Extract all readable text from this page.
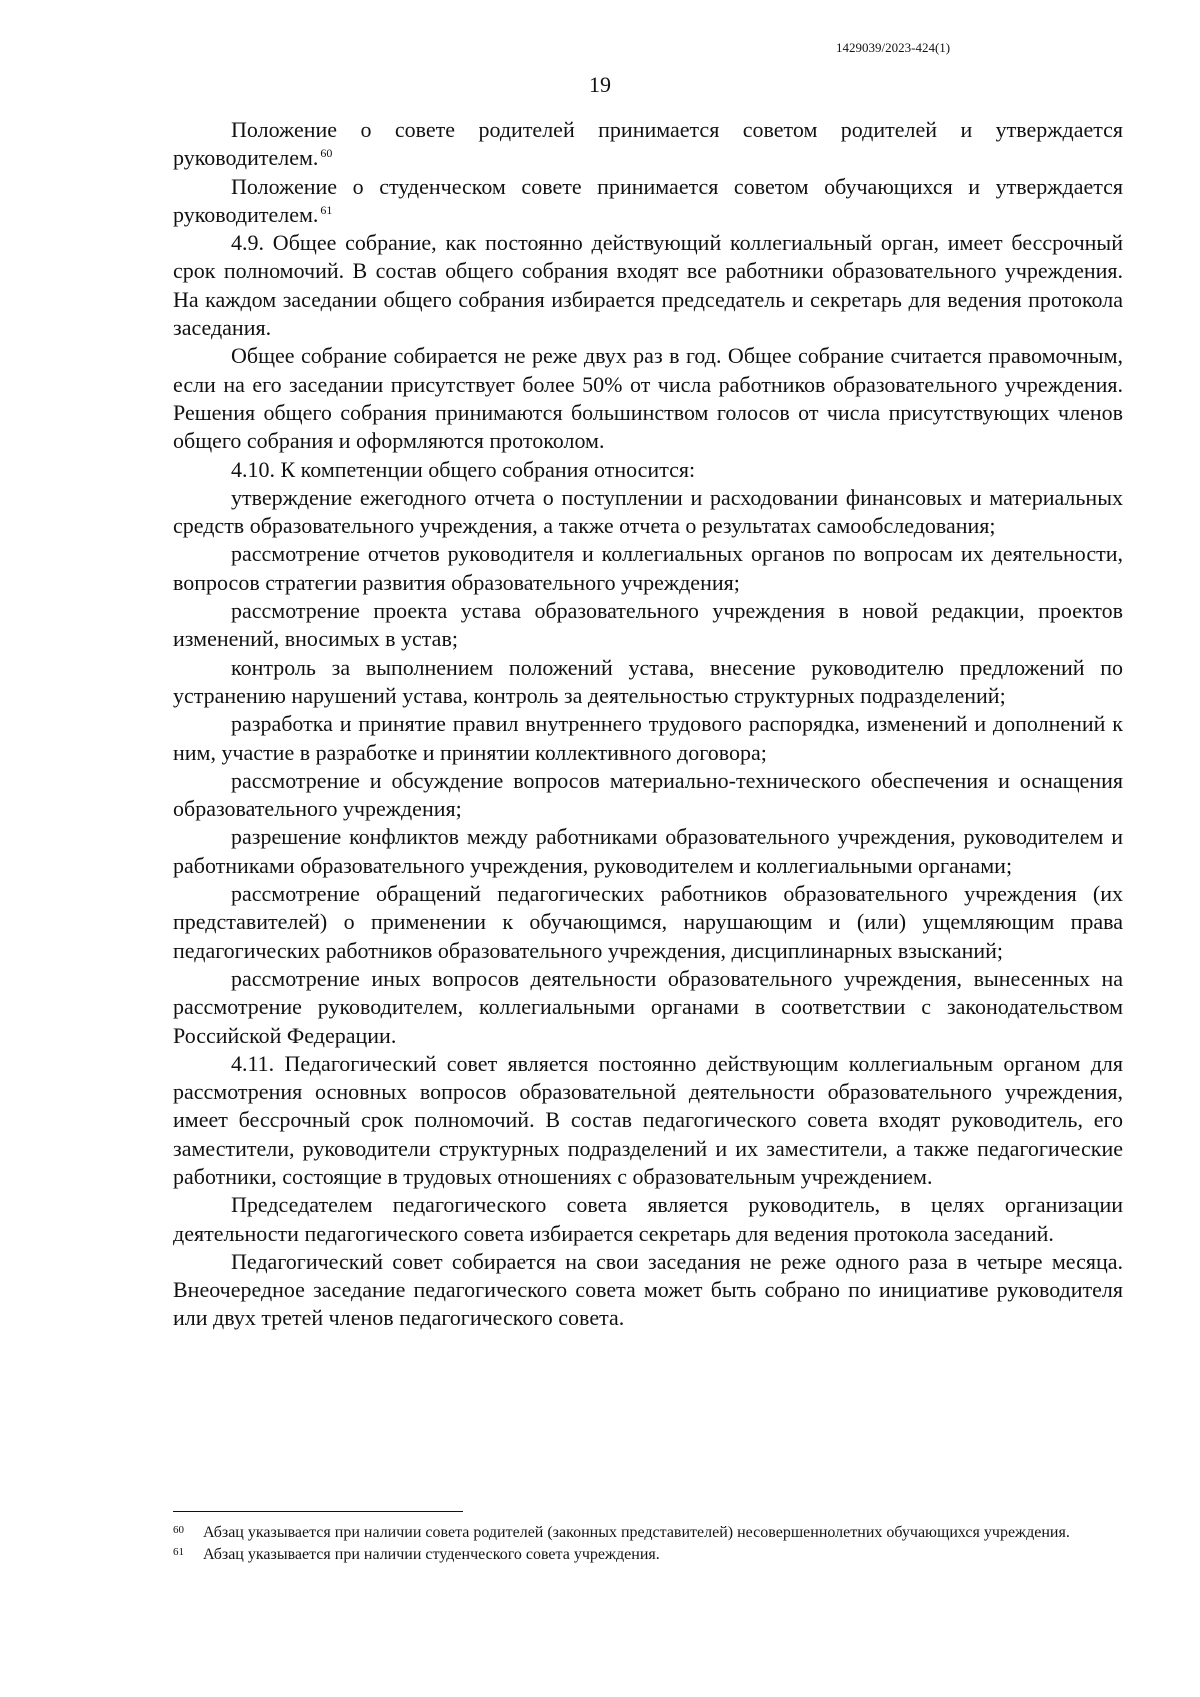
1429039/2023-424(1)
19

Положение о совете родителей принимается советом родителей и утверждается руководителем. $^{60}$

Положение о студенческом совете принимается советом обучающихся и утверждается руководителем. $^{61}$

4.9. Общее собрание, как постоянно действующий коллегиальный орган, имеет бессрочный срок полномочий. В состав общего собрания входят все работники образовательного учреждения. На каждом заседании общего собрания избирается председатель и секретарь для ведения протокола заседания.

Общее собрание собирается не реже двух раз в год. Общее собрание считается правомочным, если на его заседании присутствует более 50% от числа работников образовательного учреждения. Решения общего собрания принимаются большинством голосов от числа присутствующих членов общего собрания и оформляются протоколом.

4.10. К компетенции общего собрания относится:

утверждение ежегодного отчета о поступлении и расходовании финансовых и материальных средств образовательного учреждения, а также отчета о результатах самообследования;

рассмотрение отчетов руководителя и коллегиальных органов по вопросам их деятельности, вопросов стратегии развития образовательного учреждения;

рассмотрение проекта устава образовательного учреждения в новой редакции, проектов изменений, вносимых в устав;

контроль за выполнением положений устава, внесение руководителю предложений по устранению нарушений устава, контроль за деятельностью структурных подразделений;

разработка и принятие правил внутреннего трудового распорядка, изменений и дополнений к ним, участие в разработке и принятии коллективного договора;

рассмотрение и обсуждение вопросов материально-технического обеспечения и оснащения образовательного учреждения;

разрешение конфликтов между работниками образовательного учреждения, руководителем и работниками образовательного учреждения, руководителем и коллегиальными органами;

рассмотрение обращений педагогических работников образовательного учреждения (их представителей) о применении к обучающимся, нарушающим и (или) ущемляющим права педагогических работников образовательного учреждения, дисциплинарных взысканий;

рассмотрение иных вопросов деятельности образовательного учреждения, вынесенных на рассмотрение руководителем, коллегиальными органами в соответствии с законодательством Российской Федерации.

4.11. Педагогический совет является постоянно действующим коллегиальным органом для рассмотрения основных вопросов образовательной деятельности образовательного учреждения, имеет бессрочный срок полномочий. В состав педагогического совета входят руководитель, его заместители, руководители структурных подразделений и их заместители, а также педагогические работники, состоящие в трудовых отношениях с образовательным учреждением.

Председателем педагогического совета является руководитель, в целях организации деятельности педагогического совета избирается секретарь для ведения протокола заседаний.

Педагогический совет собирается на свои заседания не реже одного раза в четыре месяца. Внеочередное заседание педагогического совета может быть собрано по инициативе руководителя или двух третей членов педагогического совета.

60	Абзац указывается при наличии совета родителей (законных представителей) несовершеннолетних обучающихся учреждения.
61	Абзац указывается при наличии студенческого совета учреждения.
